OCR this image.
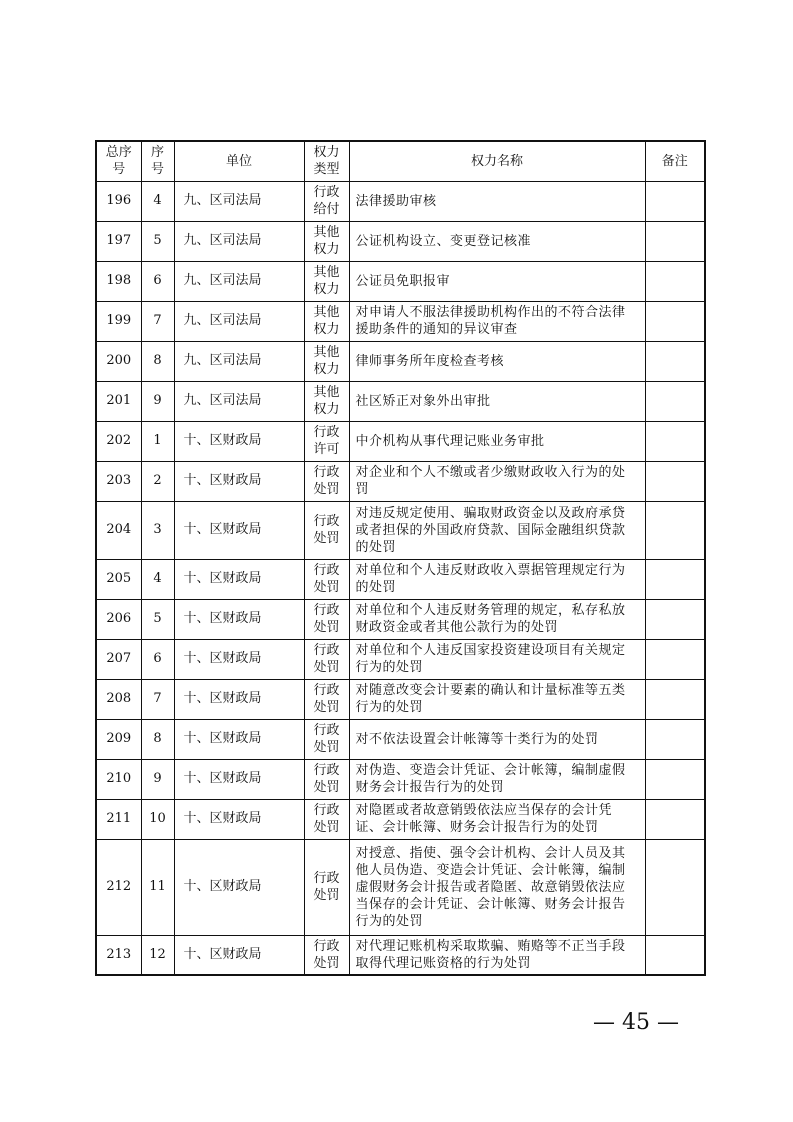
总序号	序号	单位	权力类型	权力名称	备注
196	4	九、区司法局	行政给付	法律援助审核	
197	5	九、区司法局	其他权力	公证机构设立、变更登记核准	
198	6	九、区司法局	其他权力	公证员免职报审	
199	7	九、区司法局	其他权力	对申请人不服法律援助机构作出的不符合法律援助条件的通知的异议审查	
200	8	九、区司法局	其他权力	律师事务所年度检查考核	
201	9	九、区司法局	其他权力	社区矫正对象外出审批	
202	1	十、区财政局	行政许可	中介机构从事代理记账业务审批	
203	2	十、区财政局	行政处罚	对企业和个人不缴或者少缴财政收入行为的处罚	
204	3	十、区财政局	行政处罚	对违反规定使用、骗取财政资金以及政府承贷或者担保的外国政府贷款、国际金融组织贷款的处罚	
205	4	十、区财政局	行政处罚	对单位和个人违反财政收入票据管理规定行为的处罚	
206	5	十、区财政局	行政处罚	对单位和个人违反财务管理的规定，私存私放财政资金或者其他公款行为的处罚	
207	6	十、区财政局	行政处罚	对单位和个人违反国家投资建设项目有关规定行为的处罚	
208	7	十、区财政局	行政处罚	对随意改变会计要素的确认和计量标准等五类行为的处罚	
209	8	十、区财政局	行政处罚	对不依法设置会计帐簿等十类行为的处罚	
210	9	十、区财政局	行政处罚	对伪造、变造会计凭证、会计帐簿，编制虚假财务会计报告行为的处罚	
211	10	十、区财政局	行政处罚	对隐匿或者故意销毁依法应当保存的会计凭证、会计帐簿、财务会计报告行为的处罚	
212	11	十、区财政局	行政处罚	对授意、指使、强令会计机构、会计人员及其他人员伪造、变造会计凭证、会计帐簿，编制虚假财务会计报告或者隐匿、故意销毁依法应当保存的会计凭证、会计帐簿、财务会计报告行为的处罚	
213	12	十、区财政局	行政处罚	对代理记账机构采取欺骗、贿赂等不正当手段取得代理记账资格的行为处罚	
— 45 —
